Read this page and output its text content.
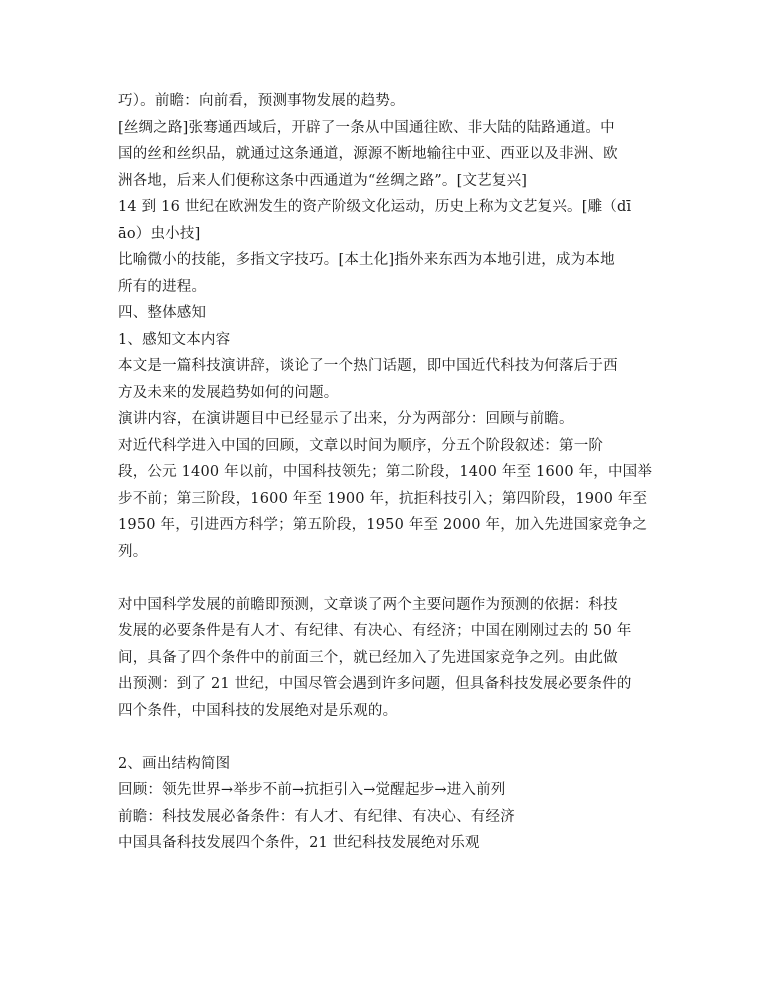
巧）。前瞻：向前看，预测事物发展的趋势。
[丝绸之路]张骞通西域后，开辟了一条从中国通往欧、非大陆的陆路通道。中
国的丝和丝织品，就通过这条通道，源源不断地输往中亚、西亚以及非洲、欧
洲各地，后来人们便称这条中西通道为“丝绸之路”。[文艺复兴]
14 到 16 世纪在欧洲发生的资产阶级文化运动，历史上称为文艺复兴。[雕（dī
āo）虫小技]
比喻微小的技能，多指文字技巧。[本土化]指外来东西为本地引进，成为本地
所有的进程。
四、整体感知
1、感知文本内容
本文是一篇科技演讲辞，谈论了一个热门话题，即中国近代科技为何落后于西
方及未来的发展趋势如何的问题。
演讲内容，在演讲题目中已经显示了出来，分为两部分：回顾与前瞻。
对近代科学进入中国的回顾，文章以时间为顺序，分五个阶段叙述：第一阶
段，公元 1400 年以前，中国科技领先；第二阶段，1400 年至 1600 年，中国举
步不前；第三阶段，1600 年至 1900 年，抗拒科技引入；第四阶段，1900 年至
1950 年，引进西方科学；第五阶段，1950 年至 2000 年，加入先进国家竞争之
列。
对中国科学发展的前瞻即预测，文章谈了两个主要问题作为预测的依据：科技
发展的必要条件是有人才、有纪律、有决心、有经济；中国在刚刚过去的 50 年
间，具备了四个条件中的前面三个，就已经加入了先进国家竞争之列。由此做
出预测：到了 21 世纪，中国尽管会遇到许多问题，但具备科技发展必要条件的
四个条件，中国科技的发展绝对是乐观的。
2、画出结构简图
回顾：领先世界→举步不前→抗拒引入→觉醒起步→进入前列
前瞻：科技发展必备条件：有人才、有纪律、有决心、有经济
中国具备科技发展四个条件，21 世纪科技发展绝对乐观
